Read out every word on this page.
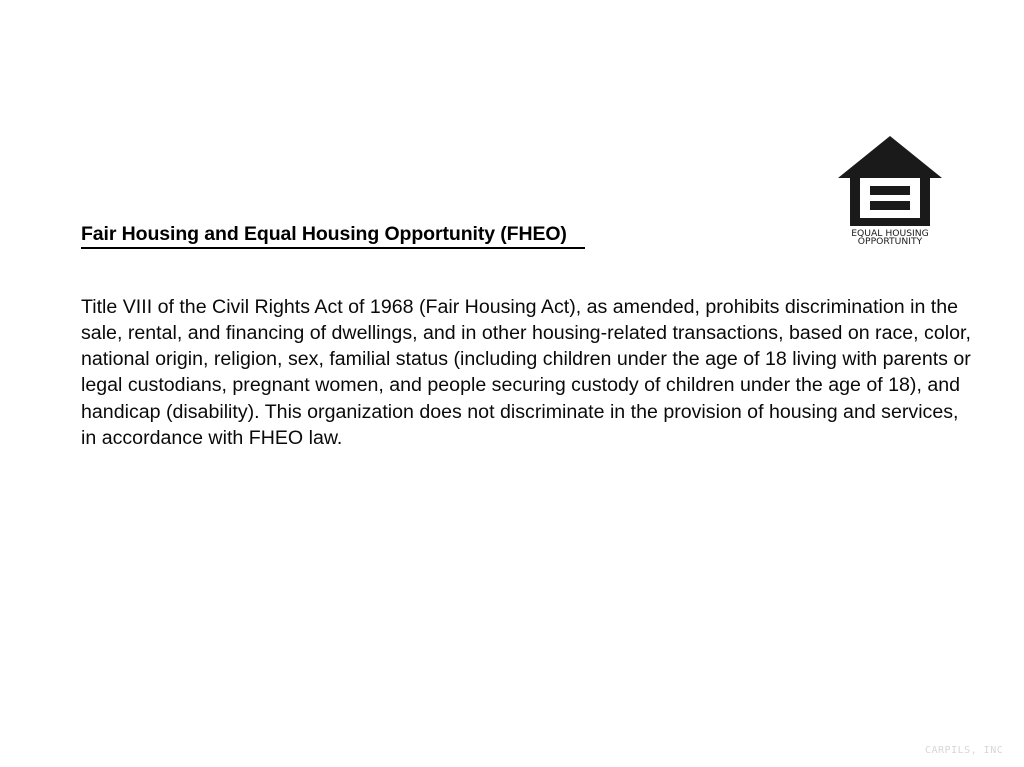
EQUAL HOUSING
OPPORTUNITY
Fair Housing and Equal Housing Opportunity (FHEO)

Title VIII of the Civil Rights Act of 1968 (Fair Housing Act), as amended, prohibits discrimination in the sale, rental, and financing of dwellings, and in other housing-related transactions, based on race, color, national origin, religion, sex, familial status (including children under the age of 18 living with parents or legal custodians, pregnant women, and people securing custody of children under the age of 18), and handicap (disability). This organization does not discriminate in the provision of housing and services, in accordance with FHEO law.

CARPILS, INC
